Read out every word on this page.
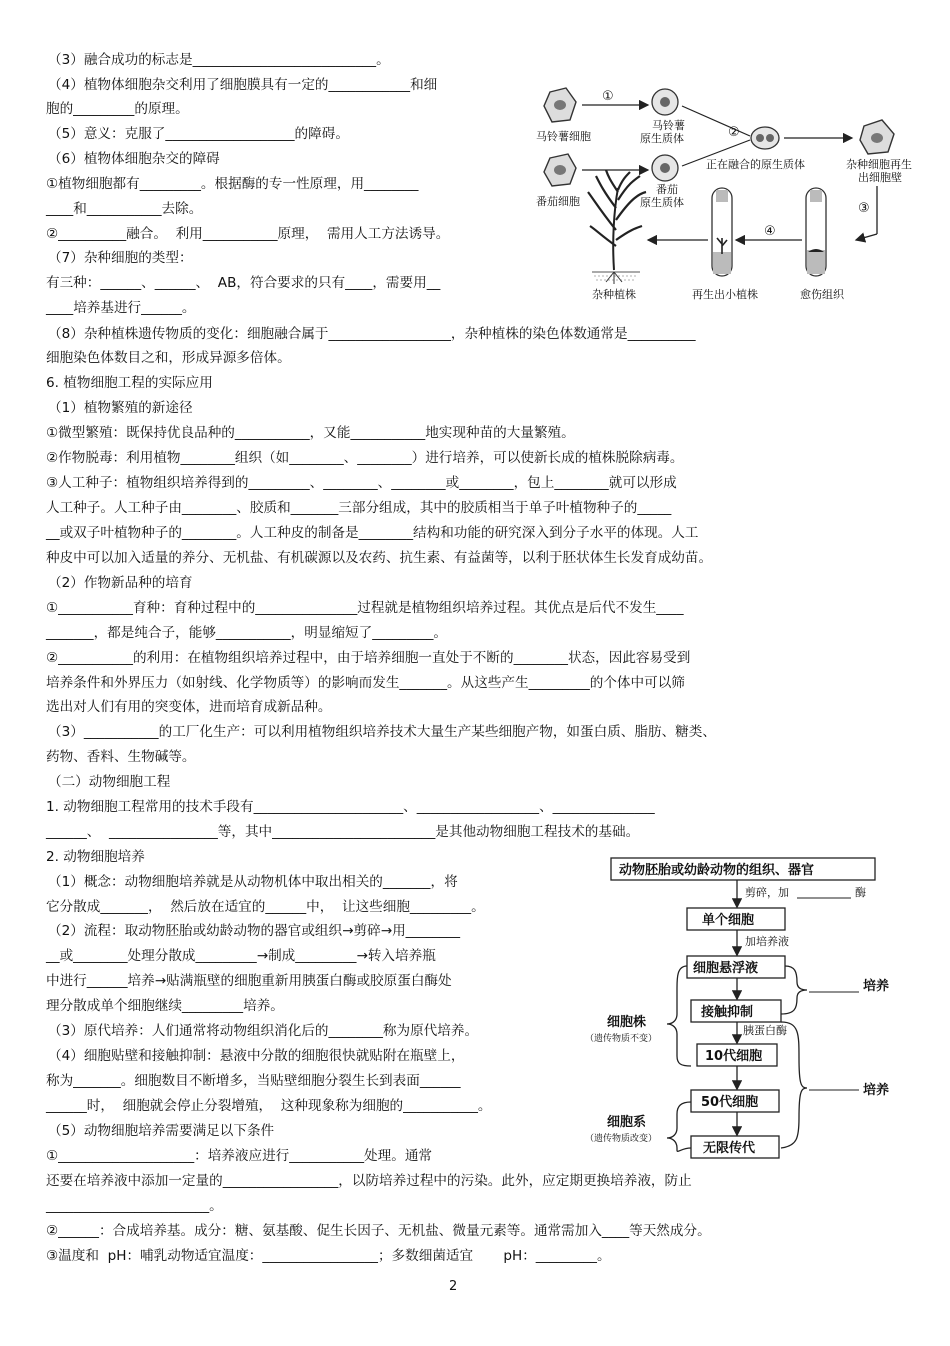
（3）融合成功的标志是___________________________。
（4）植物体细胞杂交利用了细胞膜具有一定的____________和细
胞的_________的原理。
（5）意义：克服了___________________的障碍。
（6）植物体细胞杂交的障碍
①植物细胞都有_________。根据酶的专一性原理，用________
____和___________去除。
②__________融合。  利用___________原理，  需用人工方法诱导。
（7）杂种细胞的类型：
有三种：______、______、  AB，符合要求的只有____，需要用__
____培养基进行______。
（8）杂种植株遗传物质的变化：细胞融合属于__________________，杂种植株的染色体数通常是__________
细胞染色体数目之和，形成异源多倍体。
6. 植物细胞工程的实际应用
（1）植物繁殖的新途径
①微型繁殖：既保持优良品种的___________，又能___________地实现种苗的大量繁殖。
②作物脱毒：利用植物________组织（如________、________）进行培养，可以使新长成的植株脱除病毒。
③人工种子：植物组织培养得到的_________、________、________或________，包上________就可以形成
人工种子。人工种子由________、胶质和_______三部分组成，其中的胶质相当于单子叶植物种子的_____
__或双子叶植物种子的________。人工种皮的制备是________结构和功能的研究深入到分子水平的体现。人工
种皮中可以加入适量的养分、无机盐、有机碳源以及农药、抗生素、有益菌等，以利于胚状体生长发育成幼苗。
（2）作物新品种的培育
①___________育种：育种过程中的_______________过程就是植物组织培养过程。其优点是后代不发生____
_______，都是纯合子，能够___________，明显缩短了_________。
②___________的利用：在植物组织培养过程中，由于培养细胞一直处于不断的________状态，因此容易受到
培养条件和外界压力（如射线、化学物质等）的影响而发生_______。从这些产生_________的个体中可以筛
选出对人们有用的突变体，进而培育成新品种。
（3）___________的工厂化生产：可以利用植物组织培养技术大量生产某些细胞产物，如蛋白质、脂肪、糖类、
药物、香料、生物碱等。
（二）动物细胞工程
1. 动物细胞工程常用的技术手段有______________________、__________________、_______________
______、  ________________等，其中________________________是其他动物细胞工程技术的基础。
2. 动物细胞培养
（1）概念：动物细胞培养就是从动物机体中取出相关的_______，将
它分散成_______，  然后放在适宜的______中，  让这些细胞_________。
（2）流程：取动物胚胎或幼龄动物的器官或组织→剪碎→用________
__或________处理分散成_________→制成_________→转入培养瓶
中进行______培养→贴满瓶壁的细胞重新用胰蛋白酶或胶原蛋白酶处
理分散成单个细胞继续_________培养。
（3）原代培养：人们通常将动物组织消化后的________称为原代培养。
（4）细胞贴壁和接触抑制：悬液中分散的细胞很快就贴附在瓶壁上，
称为_______。细胞数目不断增多，当贴壁细胞分裂生长到表面______
______时，  细胞就会停止分裂增殖，  这种现象称为细胞的___________。
（5）动物细胞培养需要满足以下条件
①____________________：培养液应进行___________处理。通常
还要在培养液中添加一定量的_________________，以防培养过程中的污染。此外，应定期更换培养液，防止
________________________。
②______：合成培养基。成分：糖、氨基酸、促生长因子、无机盐、微量元素等。通常需加入____等天然成分。
③温度和  pH：哺乳动物适宜温度：_________________；多数细菌适宜       pH：_________。
马铃薯细胞
①
马铃薯
原生质体
番茄细胞
番茄
原生质体
②
正在融合的原生质体	杂种细胞再生
出细胞壁
③
愈伤组织
④
再生出小植株
杂种植株
动物胚胎或幼龄动物的组织、器官
剪碎，加	酶
单个细胞
加培养液
细胞悬浮液
接触抑制
胰蛋白酶
10代细胞
50代细胞
无限传代
细胞株
（遗传物质不变）
细胞系
（遗传物质改变）
培养
培养
2
